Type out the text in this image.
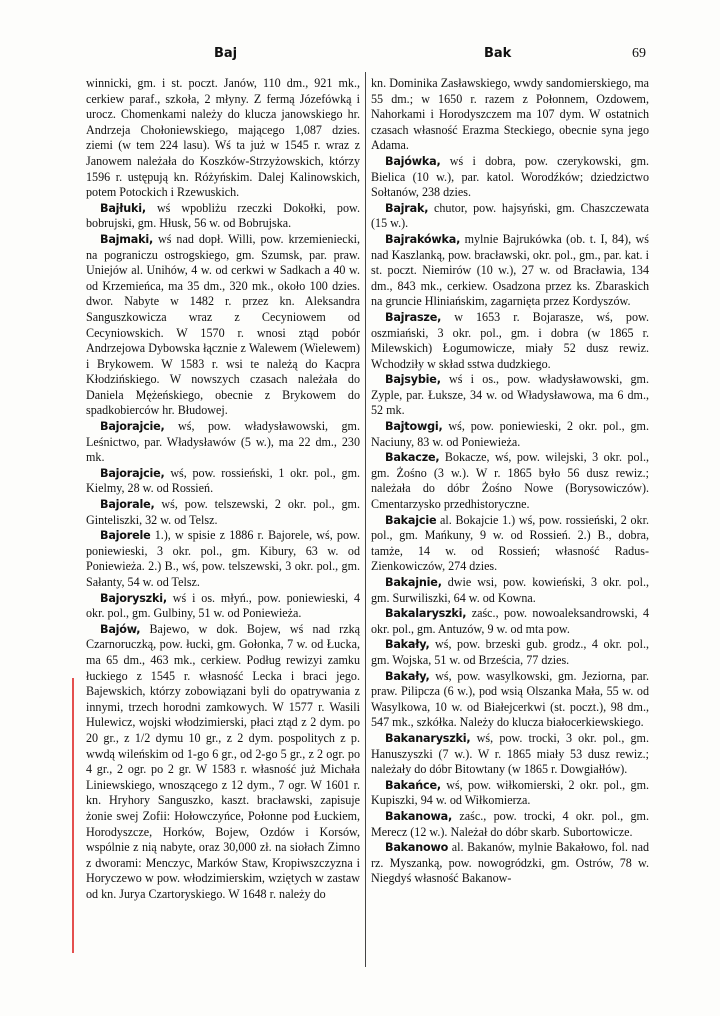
Baj	Bak	69

winnicki, gm. i st. poczt. Janów, 110 dm., 921 mk., cerkiew paraf., szkoła, 2 młyny. Z fermą Józefówką i urocz. Chomenkami należy do klucza janowskiego hr. Andrzeja Chołoniewskiego, mającego 1,087 dzies. ziemi (w tem 224 lasu). Wś ta już w 1545 r. wraz z Janowem należała do Koszków-Strzyżowskich, którzy 1596 r. ustępują kn. Różyńskim. Dalej Kalinowskich, potem Potockich i Rzewuskich.

Bajłuki, wś wpobliżu rzeczki Dokołki, pow. bobrujski, gm. Hłusk, 56 w. od Bobrujska.

Bajmaki, wś nad dopł. Willi, pow. krzemieniecki, na pograniczu ostrogskiego, gm. Szumsk, par. praw. Uniejów al. Unihów, 4 w. od cerkwi w Sadkach a 40 w. od Krzemieńca, ma 35 dm., 320 mk., około 100 dzies. dwor. Nabyte w 1482 r. przez kn. Aleksandra Sanguszkowicza wraz z Cecyniowem od Cecyniowskich. W 1570 r. wnosi ztąd pobór Andrzejowa Dybowska łącznie z Walewem (Wielewem) i Brykowem. W 1583 r. wsi te należą do Kacpra Kłodzińskiego. W nowszych czasach należała do Daniela Mężeńskiego, obecnie z Brykowem do spadkobierców hr. Błudowej.

Bajorajcie, wś, pow. władysławowski, gm. Leśnictwo, par. Władysławów (5 w.), ma 22 dm., 230 mk.

Bajorajcie, wś, pow. rossieński, 1 okr. pol., gm. Kielmy, 28 w. od Rossień.

Bajorale, wś, pow. telszewski, 2 okr. pol., gm. Ginteliszki, 32 w. od Telsz.

Bajorele 1.), w spisie z 1886 r. Bajorele, wś, pow. poniewieski, 3 okr. pol., gm. Kibury, 63 w. od Poniewieża. 2.) B., wś, pow. telszewski, 3 okr. pol., gm. Sałanty, 54 w. od Telsz.

Bajoryszki, wś i os. młyń., pow. poniewieski, 4 okr. pol., gm. Gulbiny, 51 w. od Poniewieża.

Bajów, Bajewo, w dok. Bojew, wś nad rzką Czarnoruczką, pow. łucki, gm. Gołonka, 7 w. od Łucka, ma 65 dm., 463 mk., cerkiew. Podług rewizyi zamku łuckiego z 1545 r. własność Lecka i braci jego. Bajewskich, którzy zobowiązani byli do opatrywania z innymi, trzech horodni zamkowych. W 1577 r. Wasili Hulewicz, wojski włodzimierski, płaci ztąd z 2 dym. po 20 gr., z 1/2 dymu 10 gr., z 2 dym. pospolitych z p. wwdą wileńskim od 1-go 6 gr., od 2-go 5 gr., z 2 ogr. po 4 gr., 2 ogr. po 2 gr. W 1583 r. własność już Michała Liniewskiego, wnoszącego z 12 dym., 7 ogr. W 1601 r. kn. Hryhory Sanguszko, kaszt. bracławski, zapisuje żonie swej Zofii: Hołowczyńce, Połonne pod Łuckiem, Horodyszcze, Horków, Bojew, Ozdów i Korsów, wspólnie z nią nabyte, oraz 30,000 zł. na siołach Zimno z dworami: Menczyc, Marków Staw, Kropiwszczyzna i Horyczewo w pow. włodzimierskim, wziętych w zastaw od kn. Jurya Czartoryskiego. W 1648 r. należy do

kn. Dominika Zasławskiego, wwdy sandomierskiego, ma 55 dm.; w 1650 r. razem z Połonnem, Ozdowem, Nahorkami i Horodyszczem ma 107 dym. W ostatnich czasach własność Erazma Steckiego, obecnie syna jego Adama.

Bajówka, wś i dobra, pow. czerykowski, gm. Bielica (10 w.), par. katol. Worodźków; dziedzictwo Sołtanów, 238 dzies.

Bajrak, chutor, pow. hajsyński, gm. Chaszczewata (15 w.).

Bajrakówka, mylnie Bajrukówka (ob. t. I, 84), wś nad Kaszlanką, pow. bracławski, okr. pol., gm., par. kat. i st. poczt. Niemirów (10 w.), 27 w. od Bracławia, 134 dm., 843 mk., cerkiew. Osadzona przez ks. Zbaraskich na gruncie Hliniańskim, zagarnięta przez Kordyszów.

Bajrasze, w 1653 r. Bojarasze, wś, pow. oszmiański, 3 okr. pol., gm. i dobra (w 1865 r. Milewskich) Łogumowicze, miały 52 dusz rewiz. Wchodziły w skład sstwa dudzkiego.

Bajsybie, wś i os., pow. władysławowski, gm. Zyple, par. Łuksze, 34 w. od Władysławowa, ma 6 dm., 52 mk.

Bajtowgi, wś, pow. poniewieski, 2 okr. pol., gm. Naciuny, 83 w. od Poniewieża.

Bakacze, Bokacze, wś, pow. wilejski, 3 okr. pol., gm. Żośno (3 w.). W r. 1865 było 56 dusz rewiz.; należała do dóbr Żośno Nowe (Borysowiczów). Cmentarzysko przedhistoryczne.

Bakajcie al. Bokajcie 1.) wś, pow. rossieński, 2 okr. pol., gm. Mańkuny, 9 w. od Rossień. 2.) B., dobra, tamże, 14 w. od Rossień; własność Radus-Zienkowiczów, 274 dzies.

Bakajnie, dwie wsi, pow. kowieński, 3 okr. pol., gm. Surwiliszki, 64 w. od Kowna.

Bakalaryszki, zaśc., pow. nowoaleksandrowski, 4 okr. pol., gm. Antuzów, 9 w. od mta pow.

Bakały, wś, pow. brzeski gub. grodz., 4 okr. pol., gm. Wojska, 51 w. od Brześcia, 77 dzies.

Bakały, wś, pow. wasylkowski, gm. Jeziorna, par. praw. Pilipcza (6 w.), pod wsią Olszanka Mała, 55 w. od Wasylkowa, 10 w. od Białejcerkwi (st. poczt.), 98 dm., 547 mk., szkółka. Należy do klucza białocerkiewskiego.

Bakanaryszki, wś, pow. trocki, 3 okr. pol., gm. Hanuszyszki (7 w.). W r. 1865 miały 53 dusz rewiz.; należały do dóbr Bitowtany (w 1865 r. Dowgiałłów).

Bakańce, wś, pow. wiłkomierski, 2 okr. pol., gm. Kupiszki, 94 w. od Wiłkomierza.

Bakanowa, zaśc., pow. trocki, 4 okr. pol., gm. Merecz (12 w.). Należał do dóbr skarb. Subortowicze.

Bakanowo al. Bakanów, mylnie Bakałowo, fol. nad rz. Myszanką, pow. nowogródzki, gm. Ostrów, 78 w. Niegdyś własność Bakanow-
